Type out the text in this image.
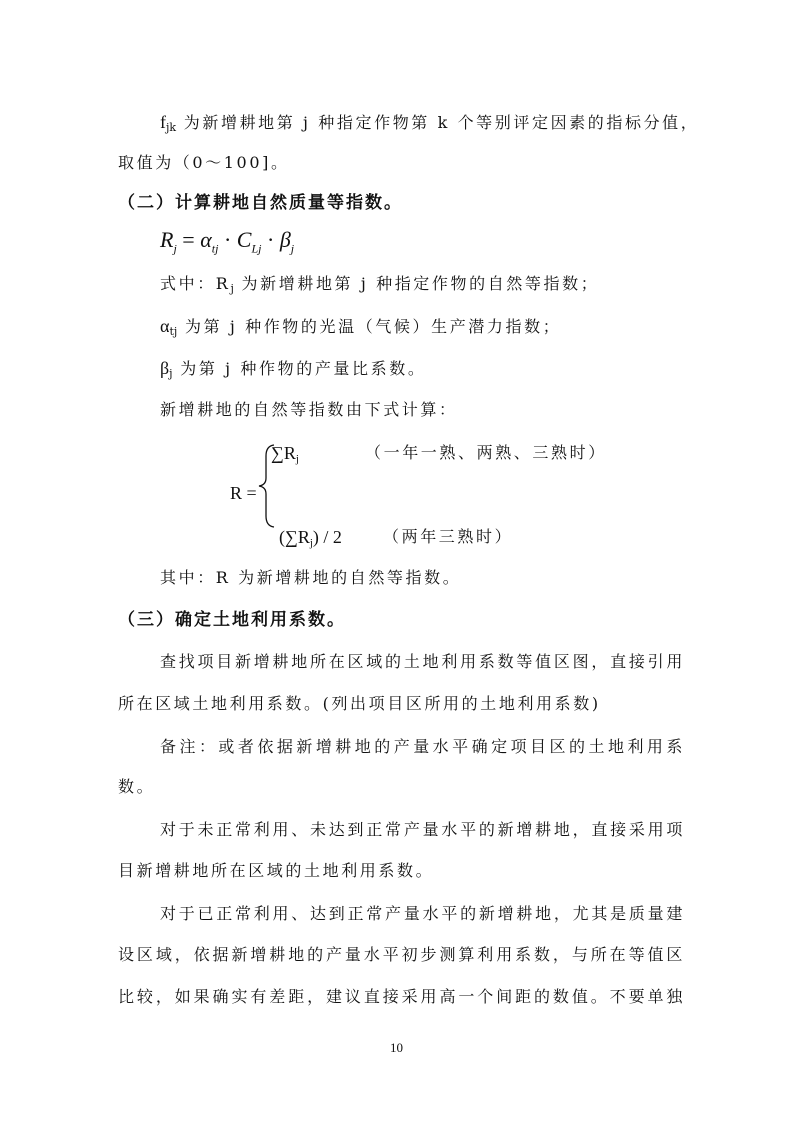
$f_{jk}$ 为新增耕地第 j 种指定作物第 k 个等别评定因素的指标分值，
取值为（0～100]。
（二）计算耕地自然质量等指数。
$R_j = \alpha_{tj} \cdot C_{Lj} \cdot \beta_j$
式中：$R_j$ 为新增耕地第 j 种指定作物的自然等指数；
$\alpha_{tj}$ 为第 j 种作物的光温（气候）生产潜力指数；
$\beta_j$ 为第 j 种作物的产量比系数。
新增耕地的自然等指数由下式计算：
$\sum R_j$	（一年一熟、两熟、三熟时）
R =
$(\sum R_j) / 2$	（两年三熟时）
其中：R 为新增耕地的自然等指数。
（三）确定土地利用系数。
查找项目新增耕地所在区域的土地利用系数等值区图，直接引用
所在区域土地利用系数。(列出项目区所用的土地利用系数)
备注：或者依据新增耕地的产量水平确定项目区的土地利用系
数。
对于未正常利用、未达到正常产量水平的新增耕地，直接采用项
目新增耕地所在区域的土地利用系数。
对于已正常利用、达到正常产量水平的新增耕地，尤其是质量建
设区域，依据新增耕地的产量水平初步测算利用系数，与所在等值区
比较，如果确实有差距，建议直接采用高一个间距的数值。不要单独
10
